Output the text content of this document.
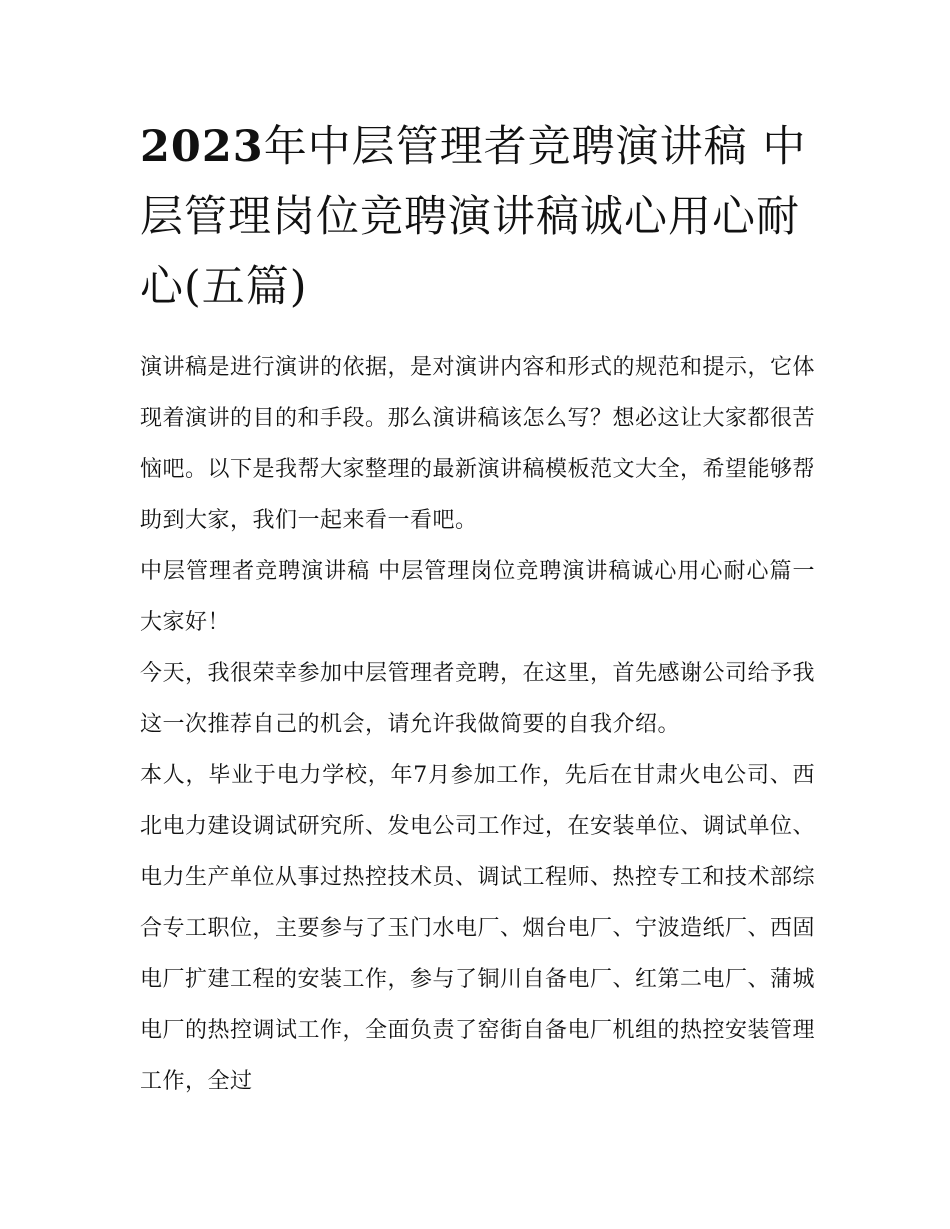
2023年中层管理者竞聘演讲稿 中层管理岗位竞聘演讲稿诚心用心耐心(五篇)

演讲稿是进行演讲的依据，是对演讲内容和形式的规范和提示，它体现着演讲的目的和手段。那么演讲稿该怎么写？想必这让大家都很苦恼吧。以下是我帮大家整理的最新演讲稿模板范文大全，希望能够帮助到大家，我们一起来看一看吧。

中层管理者竞聘演讲稿 中层管理岗位竞聘演讲稿诚心用心耐心篇一 大家好！

今天，我很荣幸参加中层管理者竞聘，在这里，首先感谢公司给予我这一次推荐自己的机会，请允许我做简要的自我介绍。

本人，毕业于电力学校，年7月参加工作，先后在甘肃火电公司、西北电力建设调试研究所、发电公司工作过，在安装单位、调试单位、电力生产单位从事过热控技术员、调试工程师、热控专工和技术部综合专工职位，主要参与了玉门水电厂、烟台电厂、宁波造纸厂、西固电厂扩建工程的安装工作，参与了铜川自备电厂、红第二电厂、蒲城电厂的热控调试工作，全面负责了窑街自备电厂机组的热控安装管理工作，全过
